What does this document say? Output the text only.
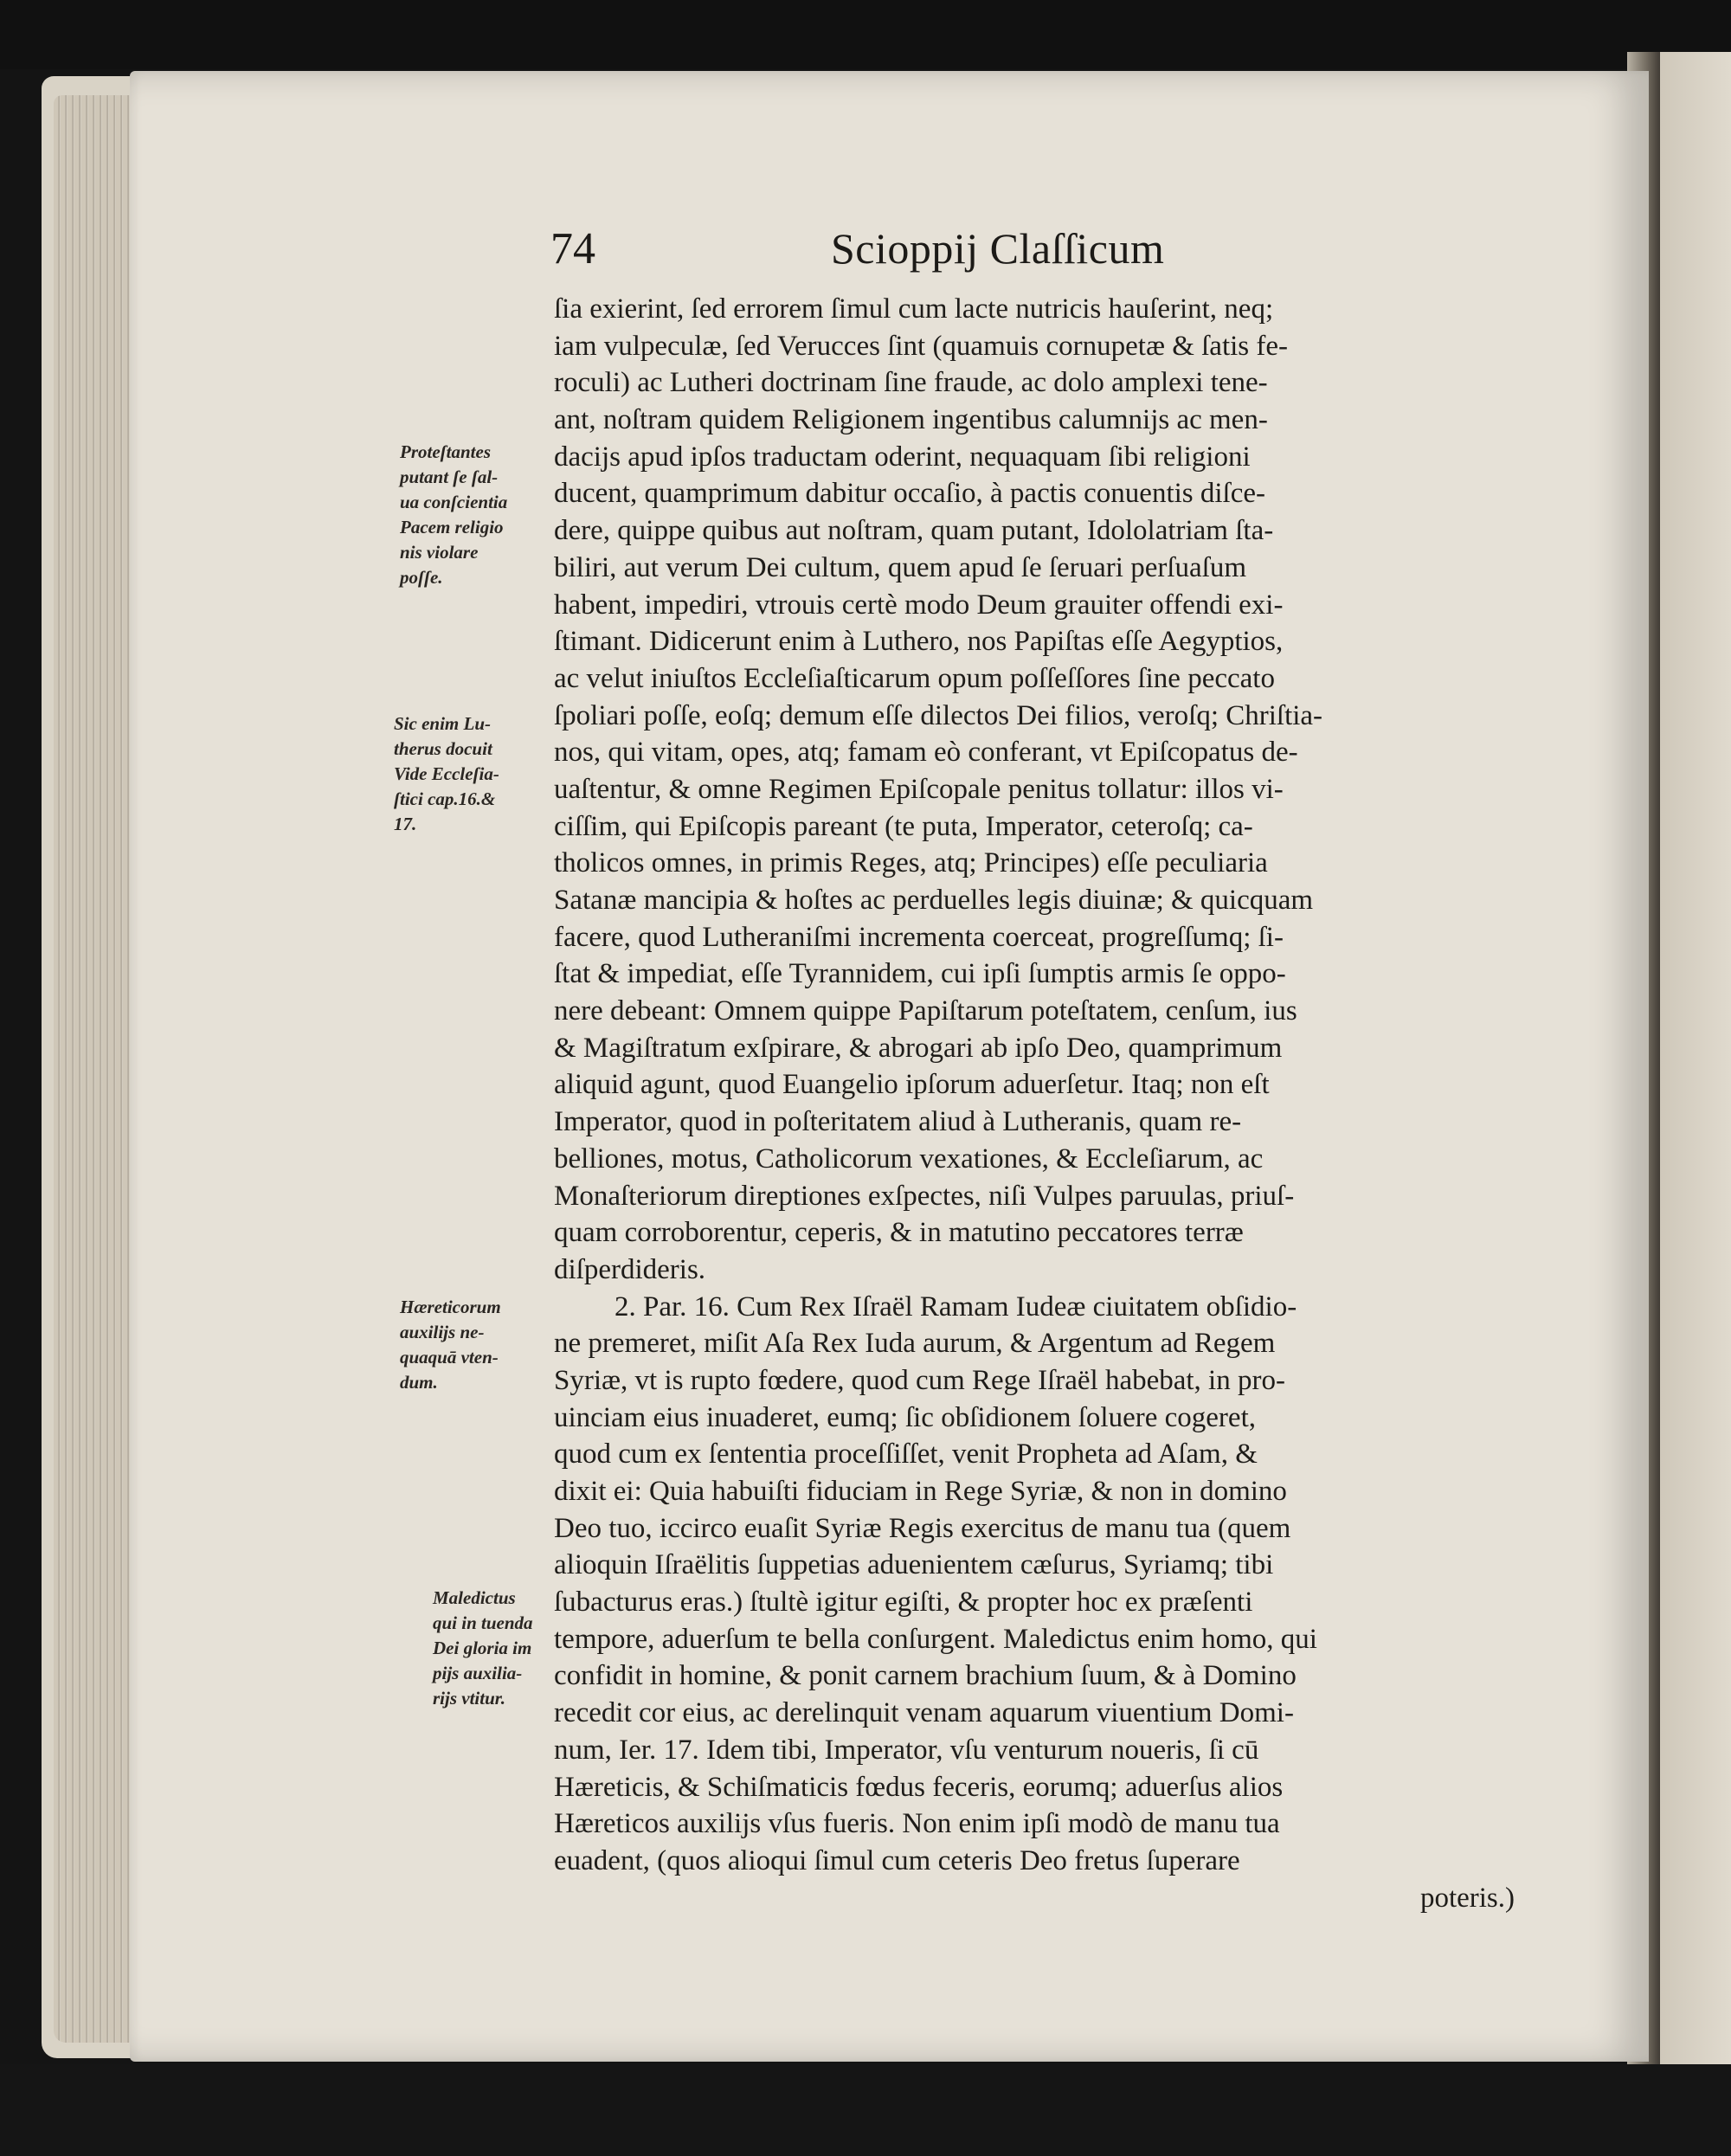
74	Scioppij Claſſicum
Proteſtantes
putant ſe ſal-
ua conſcientia
Pacem religio
nis violare
poſſe.
Sic enim Lu-
therus docuit
Vide Eccleſia-
ſtici cap.16.&
17.
Hæreticorum
auxilijs ne-
quaquā vten-
dum.
Maledictus
qui in tuenda
Dei gloria im
pijs auxilia-
rijs vtitur.
ſia exierint, ſed errorem ſimul cum lacte nutricis hauſerint, neq;
iam vulpeculæ, ſed Verucces ſint (quamuis cornupetæ & ſatis fe-
roculi) ac Lutheri doctrinam ſine fraude, ac dolo amplexi tene-
ant, noſtram quidem Religionem ingentibus calumnijs ac men-
dacijs apud ipſos traductam oderint, nequaquam ſibi religioni
ducent, quamprimum dabitur occaſio, à pactis conuentis diſce-
dere, quippe quibus aut noſtram, quam putant, Idololatriam ſta-
biliri, aut verum Dei cultum, quem apud ſe ſeruari perſuaſum
habent, impediri, vtrouis certè modo Deum grauiter offendi exi-
ſtimant. Didicerunt enim à Luthero, nos Papiſtas eſſe Aegyptios,
ac velut iniuſtos Eccleſiaſticarum opum poſſeſſores ſine peccato
ſpoliari poſſe, eoſq; demum eſſe dilectos Dei filios, veroſq; Chriſtia-
nos, qui vitam, opes, atq; famam eò conferant, vt Epiſcopatus de-
uaſtentur, & omne Regimen Epiſcopale penitus tollatur: illos vi-
ciſſim, qui Epiſcopis pareant (te puta, Imperator, ceteroſq; ca-
tholicos omnes, in primis Reges, atq; Principes) eſſe peculiaria
Satanæ mancipia & hoſtes ac perduelles legis diuinæ; & quicquam
facere, quod Lutheraniſmi incrementa coerceat, progreſſumq; ſi-
ſtat & impediat, eſſe Tyrannidem, cui ipſi ſumptis armis ſe oppo-
nere debeant: Omnem quippe Papiſtarum poteſtatem, cenſum, ius
& Magiſtratum exſpirare, & abrogari ab ipſo Deo, quamprimum
aliquid agunt, quod Euangelio ipſorum aduerſetur. Itaq; non eſt
Imperator, quod in poſteritatem aliud à Lutheranis, quam re-
belliones, motus, Catholicorum vexationes, & Eccleſiarum, ac
Monaſteriorum direptiones exſpectes, niſi Vulpes paruulas, priuſ-
quam corroborentur, ceperis, & in matutino peccatores terræ
diſperdideris.
2. Par. 16. Cum Rex Iſraël Ramam Iudeæ ciuitatem obſidio-
ne premeret, miſit Aſa Rex Iuda aurum, & Argentum ad Regem
Syriæ, vt is rupto fœdere, quod cum Rege Iſraël habebat, in pro-
uinciam eius inuaderet, eumq; ſic obſidionem ſoluere cogeret,
quod cum ex ſententia proceſſiſſet, venit Propheta ad Aſam, &
dixit ei: Quia habuiſti fiduciam in Rege Syriæ, & non in domino
Deo tuo, iccirco euaſit Syriæ Regis exercitus de manu tua (quem
alioquin Iſraëlitis ſuppetias aduenientem cæſurus, Syriamq; tibi
ſubacturus eras.) ſtultè igitur egiſti, & propter hoc ex præſenti
tempore, aduerſum te bella conſurgent. Maledictus enim homo, qui
confidit in homine, & ponit carnem brachium ſuum, & à Domino
recedit cor eius, ac derelinquit venam aquarum viuentium Domi-
num, Ier. 17. Idem tibi, Imperator, vſu venturum noueris, ſi cū
Hæreticis, & Schiſmaticis fœdus feceris, eorumq; aduerſus alios
Hæreticos auxilijs vſus fueris. Non enim ipſi modò de manu tua
euadent, (quos alioqui ſimul cum ceteris Deo fretus ſuperare
poteris.)
